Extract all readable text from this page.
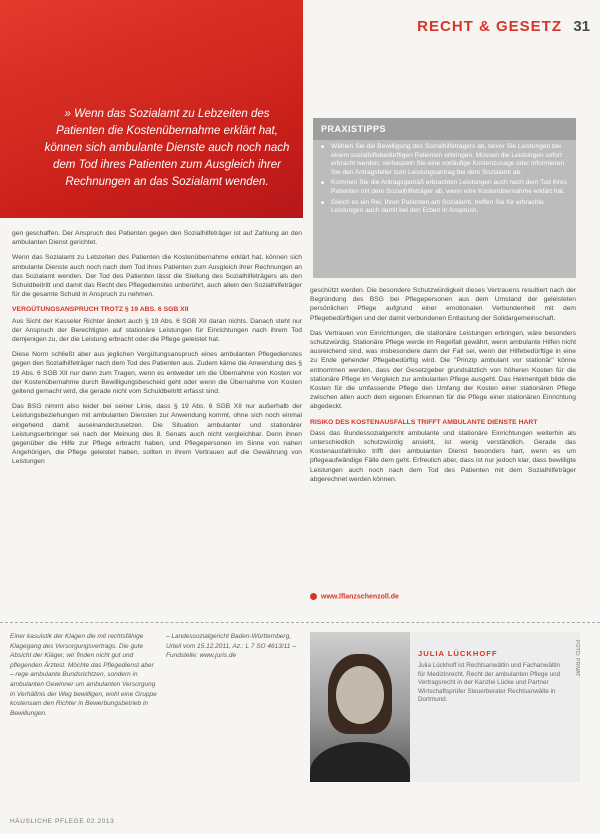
RECHT & GESETZ 31
» Wenn das Sozialamt zu Lebzeiten des Patienten die Kostenübernahme erklärt hat, können sich ambulante Dienste auch noch nach dem Tod ihres Patienten zum Ausgleich ihrer Rechnungen an das Sozialamt wenden.
PRAXISTIPPS
■ Wählen Sie die Bewilligung des Sozialhilfeträgers ab, bevor Sie Leistungen bei einem sozialhilfebedürftigen Patienten erbringen. Müssen die Leistungen sofort erbracht werden, verhaspeln Sie eine vorläufige Kostenzusage oder informieren Sie den Antragsteller zum Leistungsantrag bei dem Sozialamt ab.
■ Kommen Sie die Antragsgemäß erbrachten Leistungen auch nach dem Tod ihres Patienten mit dem Sozialhilfeträger ab, wenn eine Kostenübernahme erklärt hat.
■ Gleich es ein Rei, Ihren Patienten am Sozialamt, treffen Sie für erbrachte Leistungen auch damit bei den Erben in Anspruch.

gen geschaffen. Der Anspruch des Patienten gegen den Sozialhilfeträger ist auf Zahlung an den ambulanten Dienst gerichtet.

Wenn das Sozialamt zu Lebzeiten des Patienten die Kostenübernahme erklärt hat, können sich ambulante Dienste auch noch nach dem Tod ihres Patienten zum Ausgleich ihrer Rechnungen an das Sozialamt wenden. Der Tod des Patienten lässt die Stellung des Sozialhilfeträgers als den Schuldbeitritt und damit das Recht des Pflegedienstes unberührt, auch allein den Sozialhilfeträger für die gesamte Schuld in Anspruch zu nehmen.

VERGÜTUNGSANSPRUCH TROTZ § 19 ABS. 6 SGB XII

Aus Sicht der Kasseler Richter ändert auch § 19 Abs. 6 SGB XII daran nichts. Danach steht nur der Anspruch der Berechtigten auf stationäre Leistungen für Einrichtungen nach ihrem Tod demjenigen zu, der die Leistung erbracht oder die Pflege geleistet hat.

Diese Norm schließt aber aus jeglichen Vergütungsanspruch eines ambulanten Pflegedienstes gegen den Sozialhilfeträger nach dem Tod des Patienten aus. Zudem käme die Anwendung des § 19 Abs. 6 SGB XII nur dann zum Tragen, wenn es entweder um die Übernahme von Kosten vor der Kostenübernahme durch Bewilligungsbescheid geht oder wenn die Übernahme von Kosten geltend gemacht wird, die gerade nicht vom Schuldbeitritt erfasst sind.

Das BSG nimmt also leider bei seiner Linie, dass § 19 Abs. 6 SGB XII nur außerhalb der Leistungsbeziehungen mit ambulanten Diensten zur Anwendung kommt, ohne sich noch einmal eingehend damit auseinanderzusetzen. Die Situation ambulanter und stationärer Leistungserbringer sei nach der Meinung des 8. Senats auch nicht vergleichbar. Denn ihnen gegenüber die Hilfe zur Pflege erbracht haben, und Pflegepersonen im Sinne von nahen Angehörigen, die Pflege geleistet haben, sollten in ihrem Vertrauen auf die Gewährung von Leistungen

geschützt werden. Die besondere Schutzwürdigkeit dieses Vertrauens resultiert nach der Begründung des BSG bei Pflegepersonen aus dem Umstand der geleisteten persönlichen Pflege aufgrund einer emotionalen Verbundenheit mit dem Pflegebedürftigen und der damit verbundenen Entlastung der Solidargemeinschaft.

Das Vertrauen von Einrichtungen, die stationäre Leistungen erbringen, wäre besonders schutzwürdig. Stationäre Pflege werde im Regelfall gewährt, wenn ambulante Hilfen nicht ausreichend sind, was insbesondere dann der Fall sei, wenn der Hilfebedürftige in eine zu Ende gehender Pflegebedürftig wird. Die "Prinzip ambulant vor stationär" könne entnommen werden, dass der Gesetzgeber grundsätzlich von höheren Kosten für die stationäre Pflege im Vergleich zur ambulanten Pflege ausgeht. Das Heimentgelt bilde die Kosten für die umfassende Pflege den Umfang der Kosten einer stationären Pflege zwischen allen auch dem eigenen Erkennen für die Pflege einer stationären Einrichtung abgedeckt.

RISIKO DES KOSTENAUSFALLS TRIFFT AMBULANTE DIENSTE HART

Dass das Bundessozialgericht ambulante und stationäre Einrichtungen weiterhin als unterschiedlich schutzwürdig ansieht, ist wenig verständlich. Gerade das Kostenausfallrisiko trifft den ambulanten Dienst besonders hart, wenn es um pflegeaufwändige Fälle dem geht. Erfreulich aber, dass ist nur jedoch klar, dass bewilligte Leistungen auch noch nach dem Tod des Patienten mit dem Sozialhilfeträger abgerechnet werden können.

www.lflanzschenzoll.de
Einer kasuistik der Klagen die mit rechtsfähige Klagegang des Versorgungsvertrags. Die gute Absicht der Kläger, wir finden nicht gut und pflegenden Ärztest. Möchte das Pflegedienst aber – rege ambulante Bundsrichtzen, sondern in ambulanten Gewinner um ambulanten Versorgung in Verhältnis der Weg bewilligen, wohl eine Gruppe kostensam den Richter in Bewerbungsbetrieb in Bewillungen.
– Landessozialgericht Baden-Württemberg, Urteil vom 15.12.2011, Az.: L 7 SO 4613/11 – Fundstelle: www.juris.de	JULIA LÜCKHOFF
Julia Lückhoff ist Rechtsanwältin und Fachanwältin für Medizinrecht. Recht der ambulanten Pflege und Vertragsrecht in der Kanzlei Lücke und Partner Wirtschaftsprüfer Steuerberater Rechtsanwälte in Dortmund.
FOTO: PRIVAT
HÄUSLICHE PFLEGE 02.2013
